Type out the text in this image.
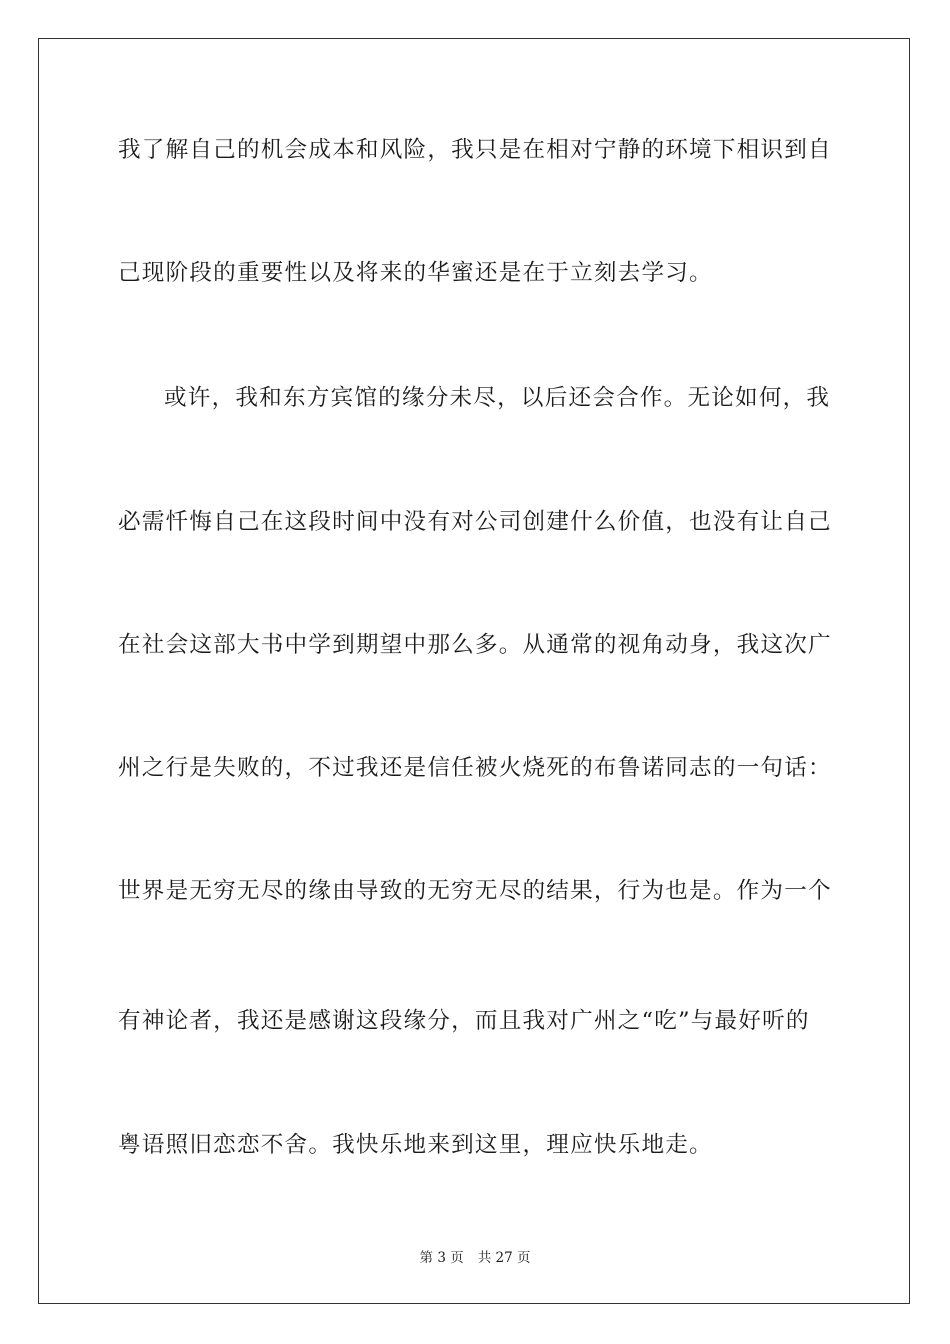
我了解自己的机会成本和风险，我只是在相对宁静的环境下相识到自
己现阶段的重要性以及将来的华蜜还是在于立刻去学习。
或许，我和东方宾馆的缘分未尽，以后还会合作。无论如何，我
必需忏悔自己在这段时间中没有对公司创建什么价值，也没有让自己
在社会这部大书中学到期望中那么多。从通常的视角动身，我这次广
州之行是失败的，不过我还是信任被火烧死的布鲁诺同志的一句话：
世界是无穷无尽的缘由导致的无穷无尽的结果，行为也是。作为一个
有神论者，我还是感谢这段缘分，而且我对广州之“吃”与最好听的
粤语照旧恋恋不舍。我快乐地来到这里，理应快乐地走。
第 3 页 共 27 页
